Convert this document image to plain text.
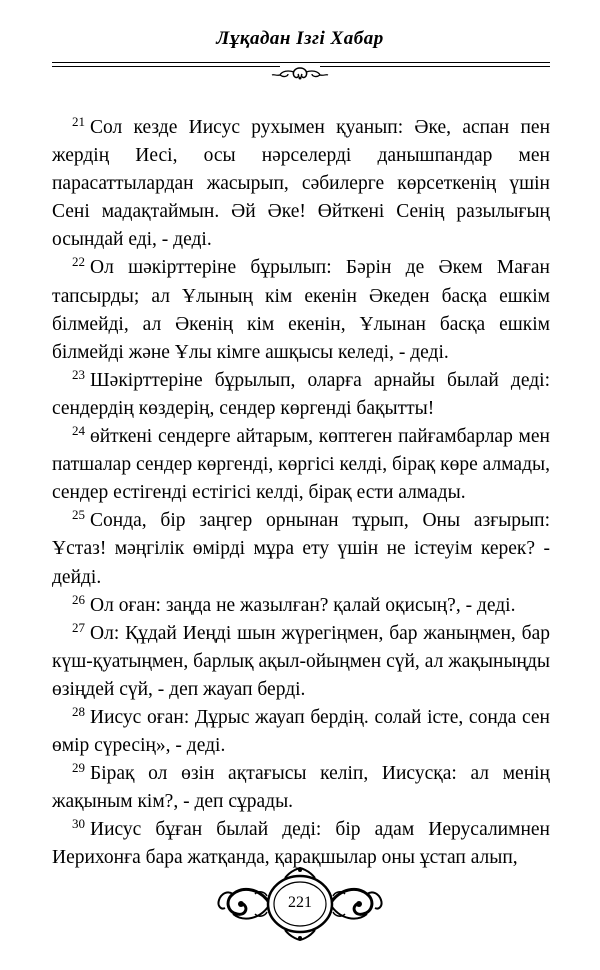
Лұқадан Ізгі Хабар

$^{21}$ Сол кезде Иисус рухымен қуанып: Әке, аспан пен жердің Иесі, осы нәрселерді данышпандар мен парасаттылардан жасырып, сәбилерге көрсеткенің үшін Сені мадақтаймын. Әй Әке! Өйткені Сенің разылығың осындай еді, - деді.

$^{22}$ Ол шәкірттеріне бұрылып: Бәрін де Әкем Маған тапсырды; ал Ұлының кім екенін Әкеден басқа ешкім білмейді, ал Әкенің кім екенін, Ұлынан басқа ешкім білмейді және Ұлы кімге ашқысы келеді, - деді.

$^{23}$ Шәкірттеріне бұрылып, оларға арнайы былай деді: сендердің көздерің, сендер көргенді бақытты!

$^{24}$ өйткені сендерге айтарым, көптеген пайғамбарлар мен патшалар сендер көргенді, көргісі келді, бірақ көре алмады, сендер естігенді естігісі келді, бірақ ести алмады.

$^{25}$ Сонда, бір заңгер орнынан тұрып, Оны азғырып: Ұстаз! мәңгілік өмірді мұра ету үшін не істеуім керек? - дейді.

$^{26}$ Ол оған: заңда не жазылған? қалай оқисың?, - деді.

$^{27}$ Ол: Құдай Иеңді шын жүрегіңмен, бар жаныңмен, бар күш-қуатыңмен, барлық ақыл-ойыңмен сүй, ал жақыныңды өзіңдей сүй, - деп жауап берді.

$^{28}$ Иисус оған: Дұрыс жауап бердің. солай істе, сонда сен өмір сүресің», - деді.

$^{29}$ Бірақ ол өзін ақтағысы келіп, Иисусқа: ал менің жақыным кім?, - деп сұрады.

$^{30}$ Иисус бұған былай деді: бір адам Иерусалимнен Иерихонға бара жатқанда, қарақшылар оны ұстап алып,

221
